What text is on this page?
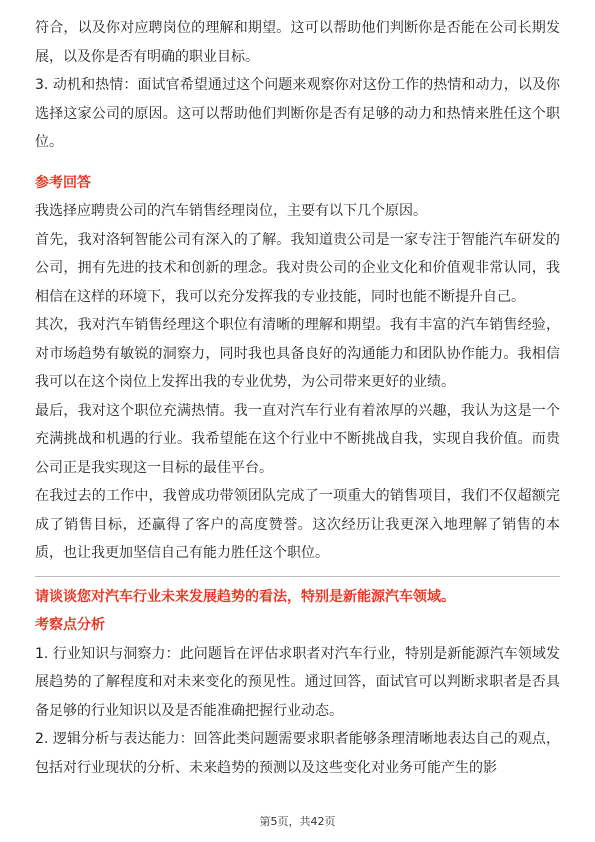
符合，以及你对应聘岗位的理解和期望。这可以帮助他们判断你是否能在公司长期发展，以及你是否有明确的职业目标。

3. 动机和热情：面试官希望通过这个问题来观察你对这份工作的热情和动力，以及你选择这家公司的原因。这可以帮助他们判断你是否有足够的动力和热情来胜任这个职位。

参考回答

我选择应聘贵公司的汽车销售经理岗位，主要有以下几个原因。

首先，我对洛轲智能公司有深入的了解。我知道贵公司是一家专注于智能汽车研发的公司，拥有先进的技术和创新的理念。我对贵公司的企业文化和价值观非常认同，我相信在这样的环境下，我可以充分发挥我的专业技能，同时也能不断提升自己。

其次，我对汽车销售经理这个职位有清晰的理解和期望。我有丰富的汽车销售经验，对市场趋势有敏锐的洞察力，同时我也具备良好的沟通能力和团队协作能力。我相信我可以在这个岗位上发挥出我的专业优势，为公司带来更好的业绩。

最后，我对这个职位充满热情。我一直对汽车行业有着浓厚的兴趣，我认为这是一个充满挑战和机遇的行业。我希望能在这个行业中不断挑战自我，实现自我价值。而贵公司正是我实现这一目标的最佳平台。

在我过去的工作中，我曾成功带领团队完成了一项重大的销售项目，我们不仅超额完成了销售目标，还赢得了客户的高度赞誉。这次经历让我更深入地理解了销售的本质，也让我更加坚信自己有能力胜任这个职位。

请谈谈您对汽车行业未来发展趋势的看法，特别是新能源汽车领域。

考察点分析

1. 行业知识与洞察力：此问题旨在评估求职者对汽车行业，特别是新能源汽车领域发展趋势的了解程度和对未来变化的预见性。通过回答，面试官可以判断求职者是否具备足够的行业知识以及是否能准确把握行业动态。

2. 逻辑分析与表达能力：回答此类问题需要求职者能够条理清晰地表达自己的观点，包括对行业现状的分析、未来趋势的预测以及这些变化对业务可能产生的影

第5页，共42页
